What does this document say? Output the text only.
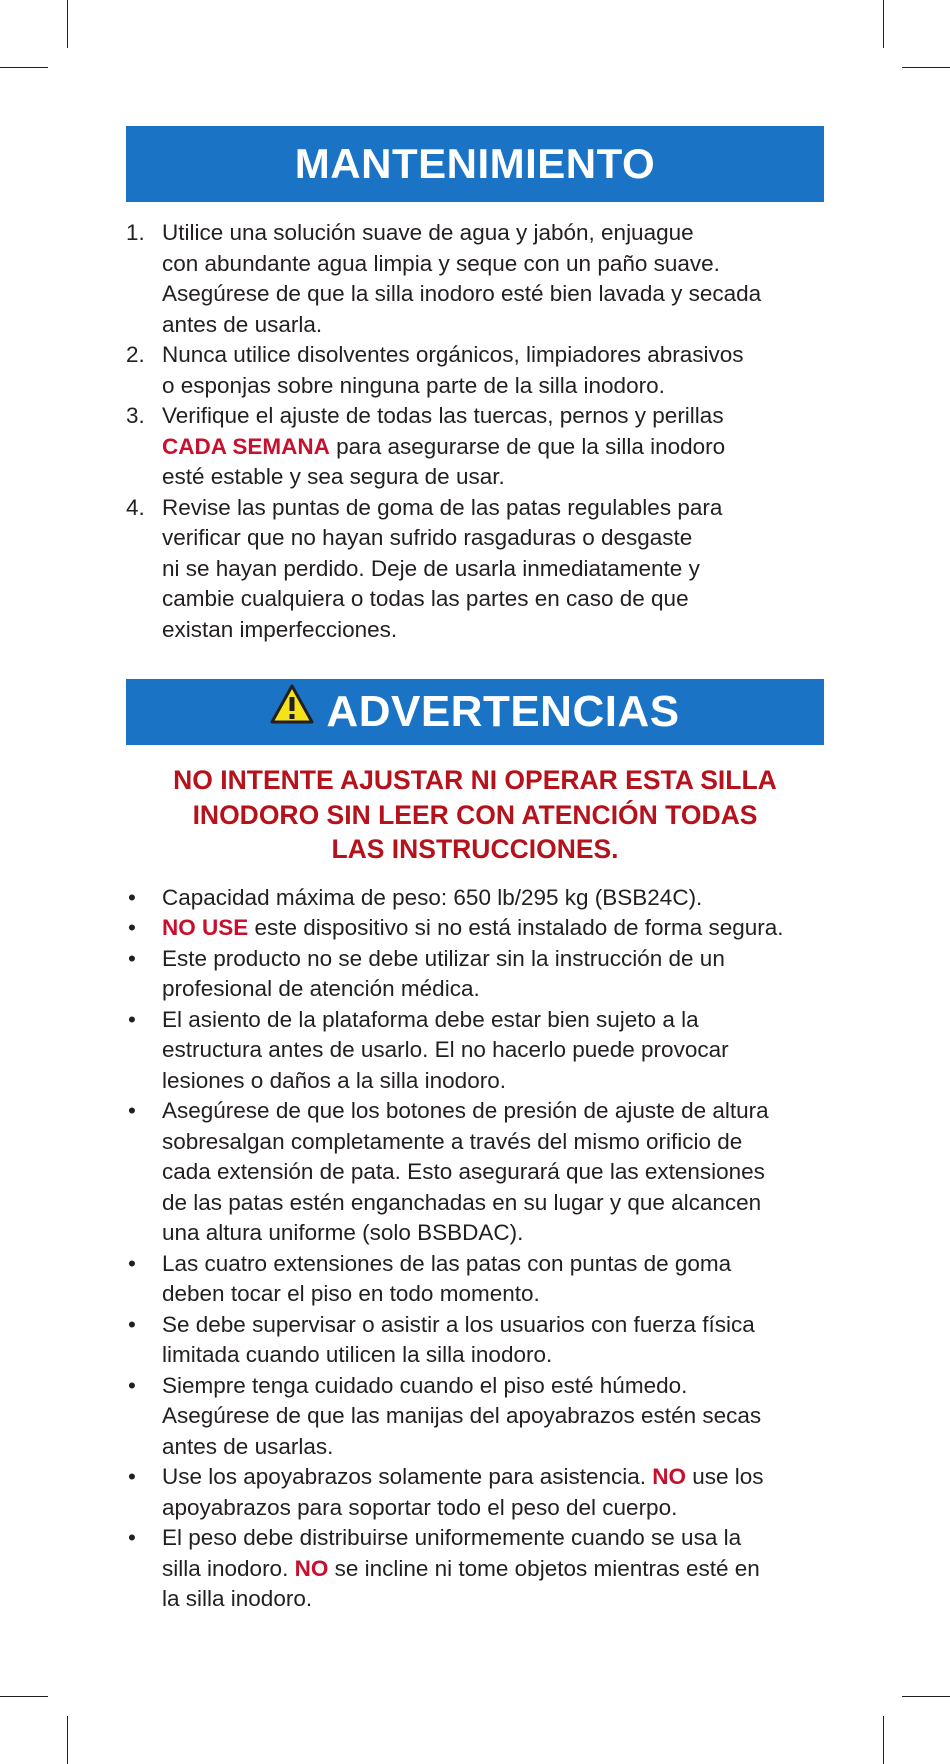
MANTENIMIENTO
1. Utilice una solución suave de agua y jabón, enjuague
con abundante agua limpia y seque con un paño suave.
Asegúrese de que la silla inodoro esté bien lavada y secada
antes de usarla.
2. Nunca utilice disolventes orgánicos, limpiadores abrasivos
o esponjas sobre ninguna parte de la silla inodoro.
3. Verifique el ajuste de todas las tuercas, pernos y perillas
CADA SEMANA para asegurarse de que la silla inodoro
esté estable y sea segura de usar.
4. Revise las puntas de goma de las patas regulables para
verificar que no hayan sufrido rasgaduras o desgaste
ni se hayan perdido. Deje de usarla inmediatamente y
cambie cualquiera o todas las partes en caso de que
existan imperfecciones.
ADVERTENCIAS
NO INTENTE AJUSTAR NI OPERAR ESTA SILLA
INODORO SIN LEER CON ATENCIÓN TODAS
LAS INSTRUCCIONES.
• Capacidad máxima de peso: 650 lb/295 kg (BSB24C).
• NO USE este dispositivo si no está instalado de forma segura.
• Este producto no se debe utilizar sin la instrucción de un
profesional de atención médica.
• El asiento de la plataforma debe estar bien sujeto a la
estructura antes de usarlo. El no hacerlo puede provocar
lesiones o daños a la silla inodoro.
• Asegúrese de que los botones de presión de ajuste de altura
sobresalgan completamente a través del mismo orificio de
cada extensión de pata. Esto asegurará que las extensiones
de las patas estén enganchadas en su lugar y que alcancen
una altura uniforme (solo BSBDAC).
• Las cuatro extensiones de las patas con puntas de goma
deben tocar el piso en todo momento.
• Se debe supervisar o asistir a los usuarios con fuerza física
limitada cuando utilicen la silla inodoro.
• Siempre tenga cuidado cuando el piso esté húmedo.
Asegúrese de que las manijas del apoyabrazos estén secas
antes de usarlas.
• Use los apoyabrazos solamente para asistencia. NO use los
apoyabrazos para soportar todo el peso del cuerpo.
• El peso debe distribuirse uniformemente cuando se usa la
silla inodoro. NO se incline ni tome objetos mientras esté en
la silla inodoro.
